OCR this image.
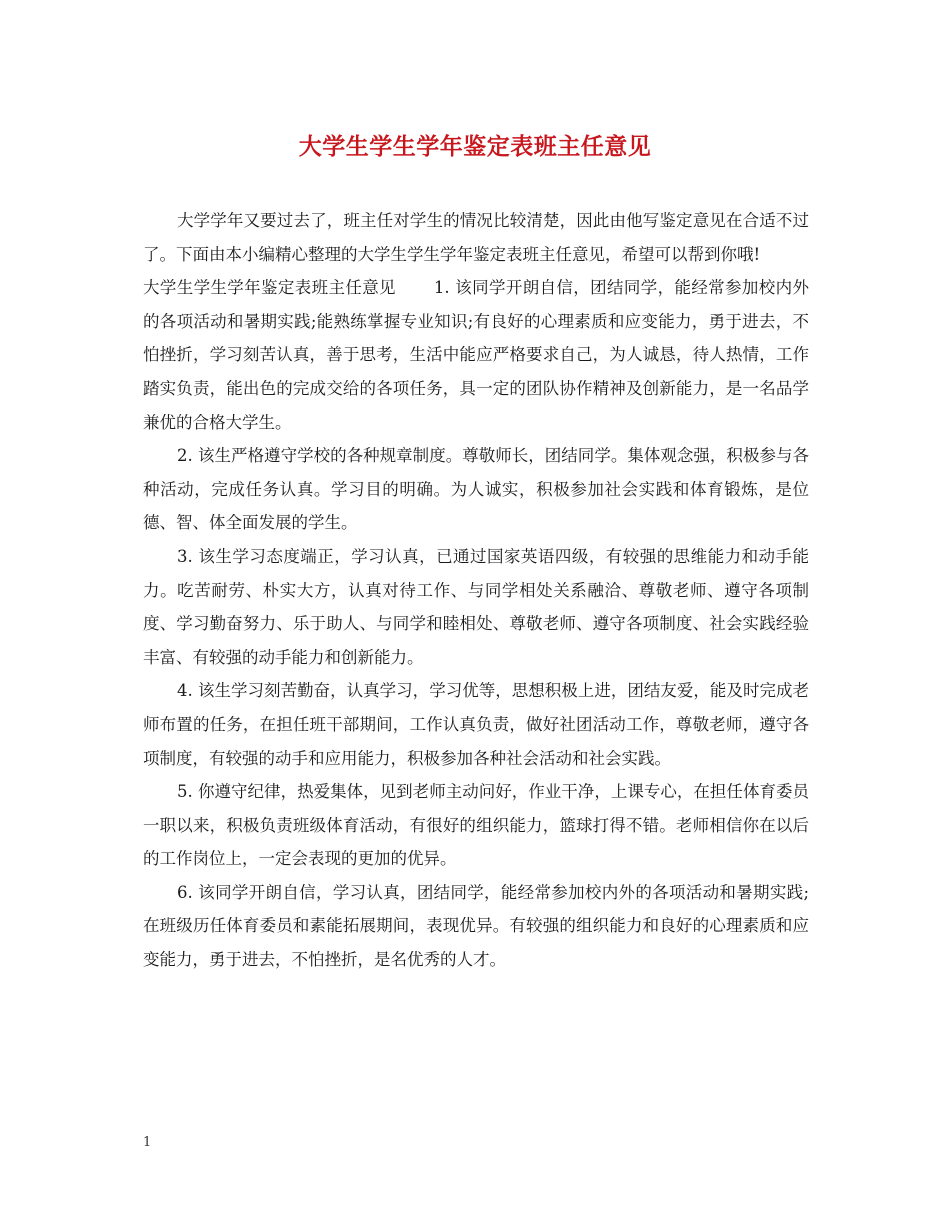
大学生学生学年鉴定表班主任意见

大学学年又要过去了，班主任对学生的情况比较清楚，因此由他写鉴定意见在合适不过了。下面由本小编精心整理的大学生学生学年鉴定表班主任意见，希望可以帮到你哦!

大学生学生学年鉴定表班主任意见 1. 该同学开朗自信，团结同学，能经常参加校内外的各项活动和暑期实践;能熟练掌握专业知识;有良好的心理素质和应变能力，勇于进去，不怕挫折，学习刻苦认真，善于思考，生活中能应严格要求自己，为人诚恳，待人热情，工作踏实负责，能出色的完成交给的各项任务，具一定的团队协作精神及创新能力，是一名品学兼优的合格大学生。

2. 该生严格遵守学校的各种规章制度。尊敬师长，团结同学。集体观念强，积极参与各种活动，完成任务认真。学习目的明确。为人诚实，积极参加社会实践和体育锻炼，是位德、智、体全面发展的学生。

3. 该生学习态度端正，学习认真，已通过国家英语四级，有较强的思维能力和动手能力。吃苦耐劳、朴实大方，认真对待工作、与同学相处关系融洽、尊敬老师、遵守各项制度、学习勤奋努力、乐于助人、与同学和睦相处、尊敬老师、遵守各项制度、社会实践经验丰富、有较强的动手能力和创新能力。

4. 该生学习刻苦勤奋，认真学习，学习优等，思想积极上进，团结友爱，能及时完成老师布置的任务，在担任班干部期间，工作认真负责，做好社团活动工作，尊敬老师，遵守各项制度，有较强的动手和应用能力，积极参加各种社会活动和社会实践。

5. 你遵守纪律，热爱集体，见到老师主动问好，作业干净，上课专心，在担任体育委员一职以来，积极负责班级体育活动，有很好的组织能力，篮球打得不错。老师相信你在以后的工作岗位上，一定会表现的更加的优异。

6. 该同学开朗自信，学习认真，团结同学，能经常参加校内外的各项活动和暑期实践;在班级历任体育委员和素能拓展期间，表现优异。有较强的组织能力和良好的心理素质和应变能力，勇于进去，不怕挫折，是名优秀的人才。

1
